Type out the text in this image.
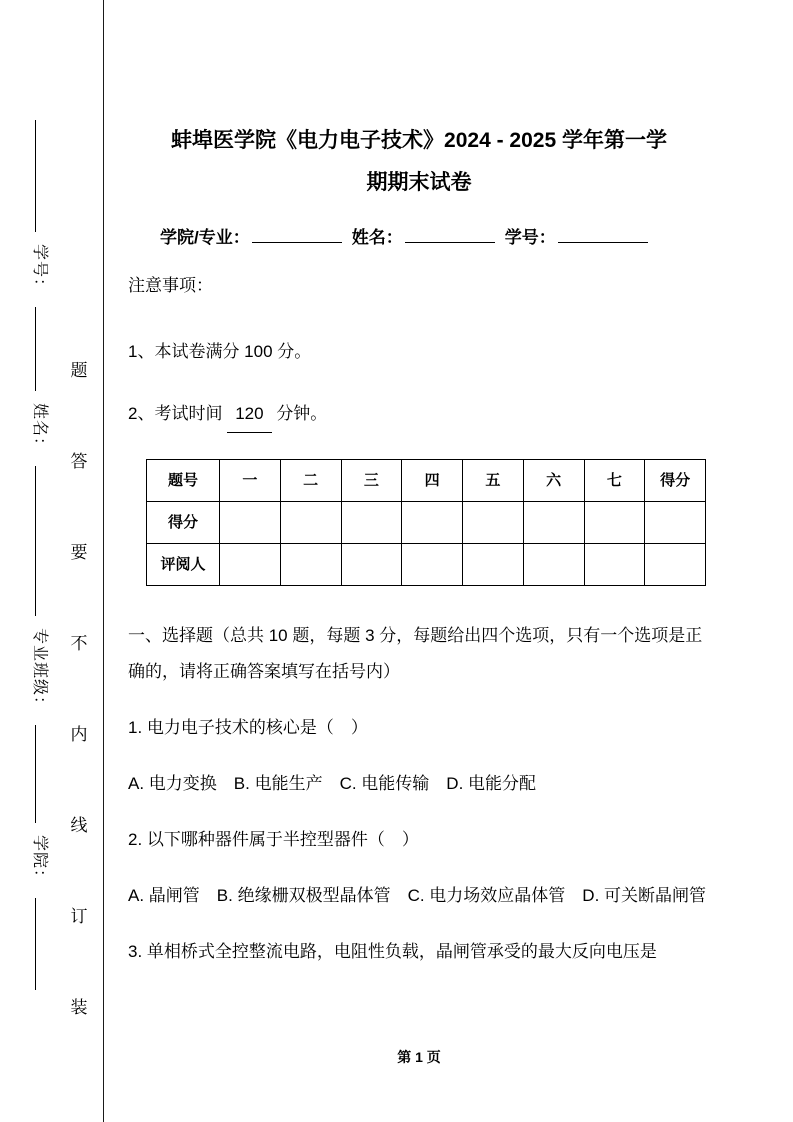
学号：姓名：专业班级：学院：
题
答
要
不
内
线
订
装
蚌埠医学院《电力电子技术》2024 - 2025 学年第一学
期期末试卷
学院/专业：	姓名：	学号：

注意事项：

1、本试卷满分 100 分。

2、考试时间 120 分钟。

题号	一	二	三	四	五	六	七	得分
得分								
评阅人								

一、选择题（总共 10 题，每题 3 分，每题给出四个选项，只有一个选项是正确的，请将正确答案填写在括号内）

1. 电力电子技术的核心是（　）

A. 电力变换　B. 电能生产　C. 电能传输　D. 电能分配

2. 以下哪种器件属于半控型器件（　）

A. 晶闸管　B. 绝缘栅双极型晶体管　C. 电力场效应晶体管　D. 可关断晶闸管

3. 单相桥式全控整流电路，电阻性负载，晶闸管承受的最大反向电压是

第 1 页
